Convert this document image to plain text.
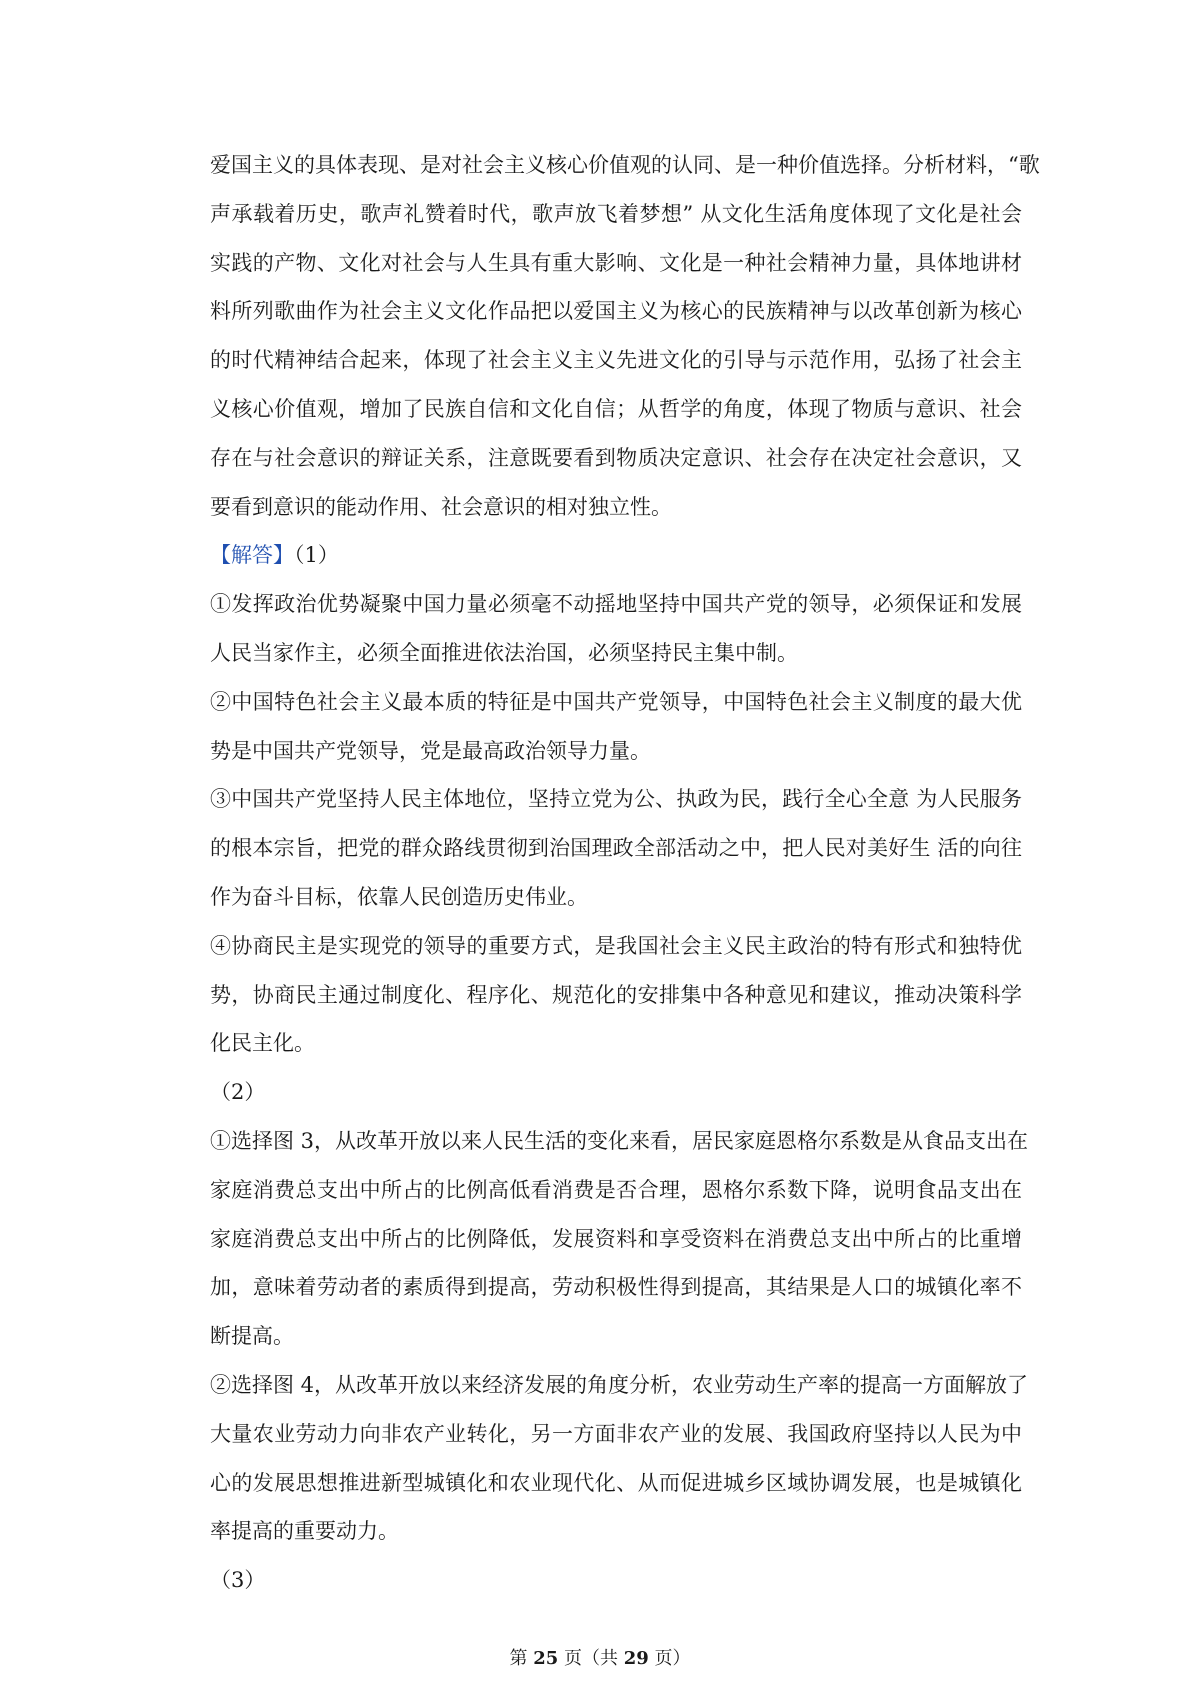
爱国主义的具体表现、是对社会主义核心价值观的认同、是一种价值选择。分析材料，“歌
声承载着历史，歌声礼赞着时代，歌声放飞着梦想” 从文化生活角度体现了文化是社会
实践的产物、文化对社会与人生具有重大影响、文化是一种社会精神力量，具体地讲材
料所列歌曲作为社会主义文化作品把以爱国主义为核心的民族精神与以改革创新为核心
的时代精神结合起来，体现了社会主义主义先进文化的引导与示范作用，弘扬了社会主
义核心价值观，增加了民族自信和文化自信；从哲学的角度，体现了物质与意识、社会
存在与社会意识的辩证关系，注意既要看到物质决定意识、社会存在决定社会意识，又
要看到意识的能动作用、社会意识的相对独立性。
【解答】（1）
①发挥政治优势凝聚中国力量必须毫不动摇地坚持中国共产党的领导，必须保证和发展
人民当家作主，必须全面推进依法治国，必须坚持民主集中制。
②中国特色社会主义最本质的特征是中国共产党领导，中国特色社会主义制度的最大优
势是中国共产党领导，党是最高政治领导力量。
③中国共产党坚持人民主体地位，坚持立党为公、执政为民，践行全心全意 为人民服务
的根本宗旨，把党的群众路线贯彻到治国理政全部活动之中，把人民对美好生 活的向往
作为奋斗目标，依靠人民创造历史伟业。
④协商民主是实现党的领导的重要方式，是我国社会主义民主政治的特有形式和独特优
势，协商民主通过制度化、程序化、规范化的安排集中各种意见和建议，推动决策科学
化民主化。
（2）
①选择图 3，从改革开放以来人民生活的变化来看，居民家庭恩格尔系数是从食品支出在
家庭消费总支出中所占的比例高低看消费是否合理，恩格尔系数下降，说明食品支出在
家庭消费总支出中所占的比例降低，发展资料和享受资料在消费总支出中所占的比重增
加，意味着劳动者的素质得到提高，劳动积极性得到提高，其结果是人口的城镇化率不
断提高。
②选择图 4，从改革开放以来经济发展的角度分析，农业劳动生产率的提高一方面解放了
大量农业劳动力向非农产业转化，另一方面非农产业的发展、我国政府坚持以人民为中
心的发展思想推进新型城镇化和农业现代化、从而促进城乡区域协调发展，也是城镇化
率提高的重要动力。
（3）
第 25 页（共 29 页）
